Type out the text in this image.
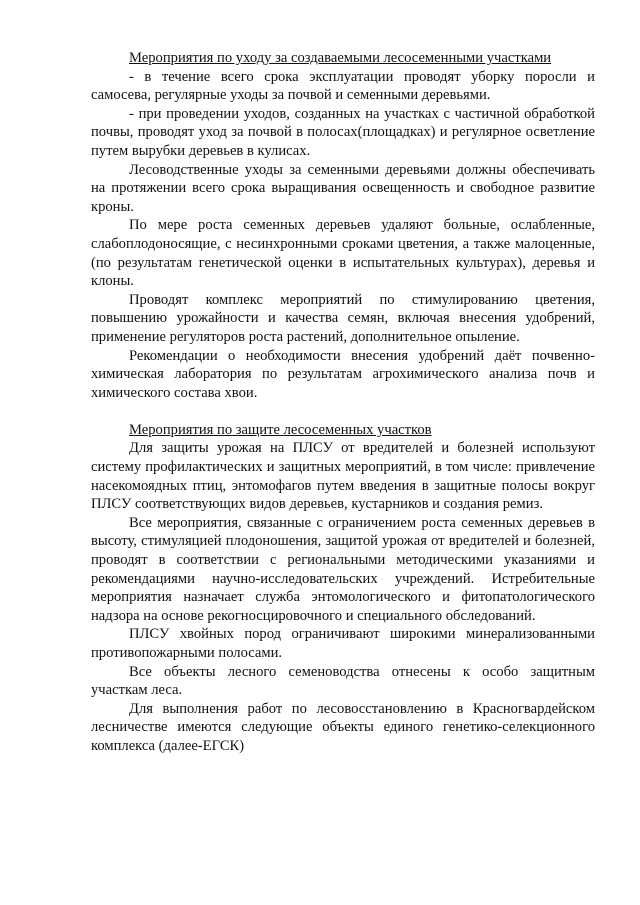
Мероприятия по уходу за создаваемыми лесосеменными участками

- в течение всего срока эксплуатации проводят уборку поросли и самосева, регулярные уходы за почвой и семенными деревьями.

- при проведении уходов, созданных на участках с частичной обработкой почвы, проводят уход за почвой в полосах(площадках) и регулярное осветление путем вырубки деревьев в кулисах.

Лесоводственные уходы за семенными деревьями должны обеспечивать на протяжении всего срока выращивания освещенность и свободное развитие кроны.

По мере роста семенных деревьев удаляют больные, ослабленные, слабоплодоносящие, с несинхронными сроками цветения, а также малоценные, (по результатам генетической оценки в испытательных культурах), деревья и клоны.

Проводят комплекс мероприятий по стимулированию цветения, повышению урожайности и качества семян, включая внесения удобрений, применение регуляторов роста растений, дополнительное опыление.

Рекомендации о необходимости внесения удобрений даёт почвенно-химическая лаборатория по результатам агрохимического анализа почв и химического состава хвои.

Мероприятия по защите лесосеменных участков

Для защиты урожая на ПЛСУ от вредителей и болезней используют систему профилактических и защитных мероприятий, в том числе: привлечение насекомоядных птиц, энтомофагов путем введения в защитные полосы вокруг ПЛСУ соответствующих видов деревьев, кустарников и создания ремиз.

Все мероприятия, связанные с ограничением роста семенных деревьев в высоту, стимуляцией плодоношения, защитой урожая от вредителей и болезней, проводят в соответствии с региональными методическими указаниями и рекомендациями научно-исследовательских учреждений. Истребительные мероприятия назначает служба энтомологического и фитопатологического надзора на основе рекогносцировочного и специального обследований.

ПЛСУ хвойных пород ограничивают широкими минерализованными противопожарными полосами.

Все объекты лесного семеноводства отнесены к особо защитным участкам леса.

Для выполнения работ по лесовосстановлению в Красногвардейском лесничестве имеются следующие объекты единого генетико-селекционного комплекса (далее-ЕГСК)
